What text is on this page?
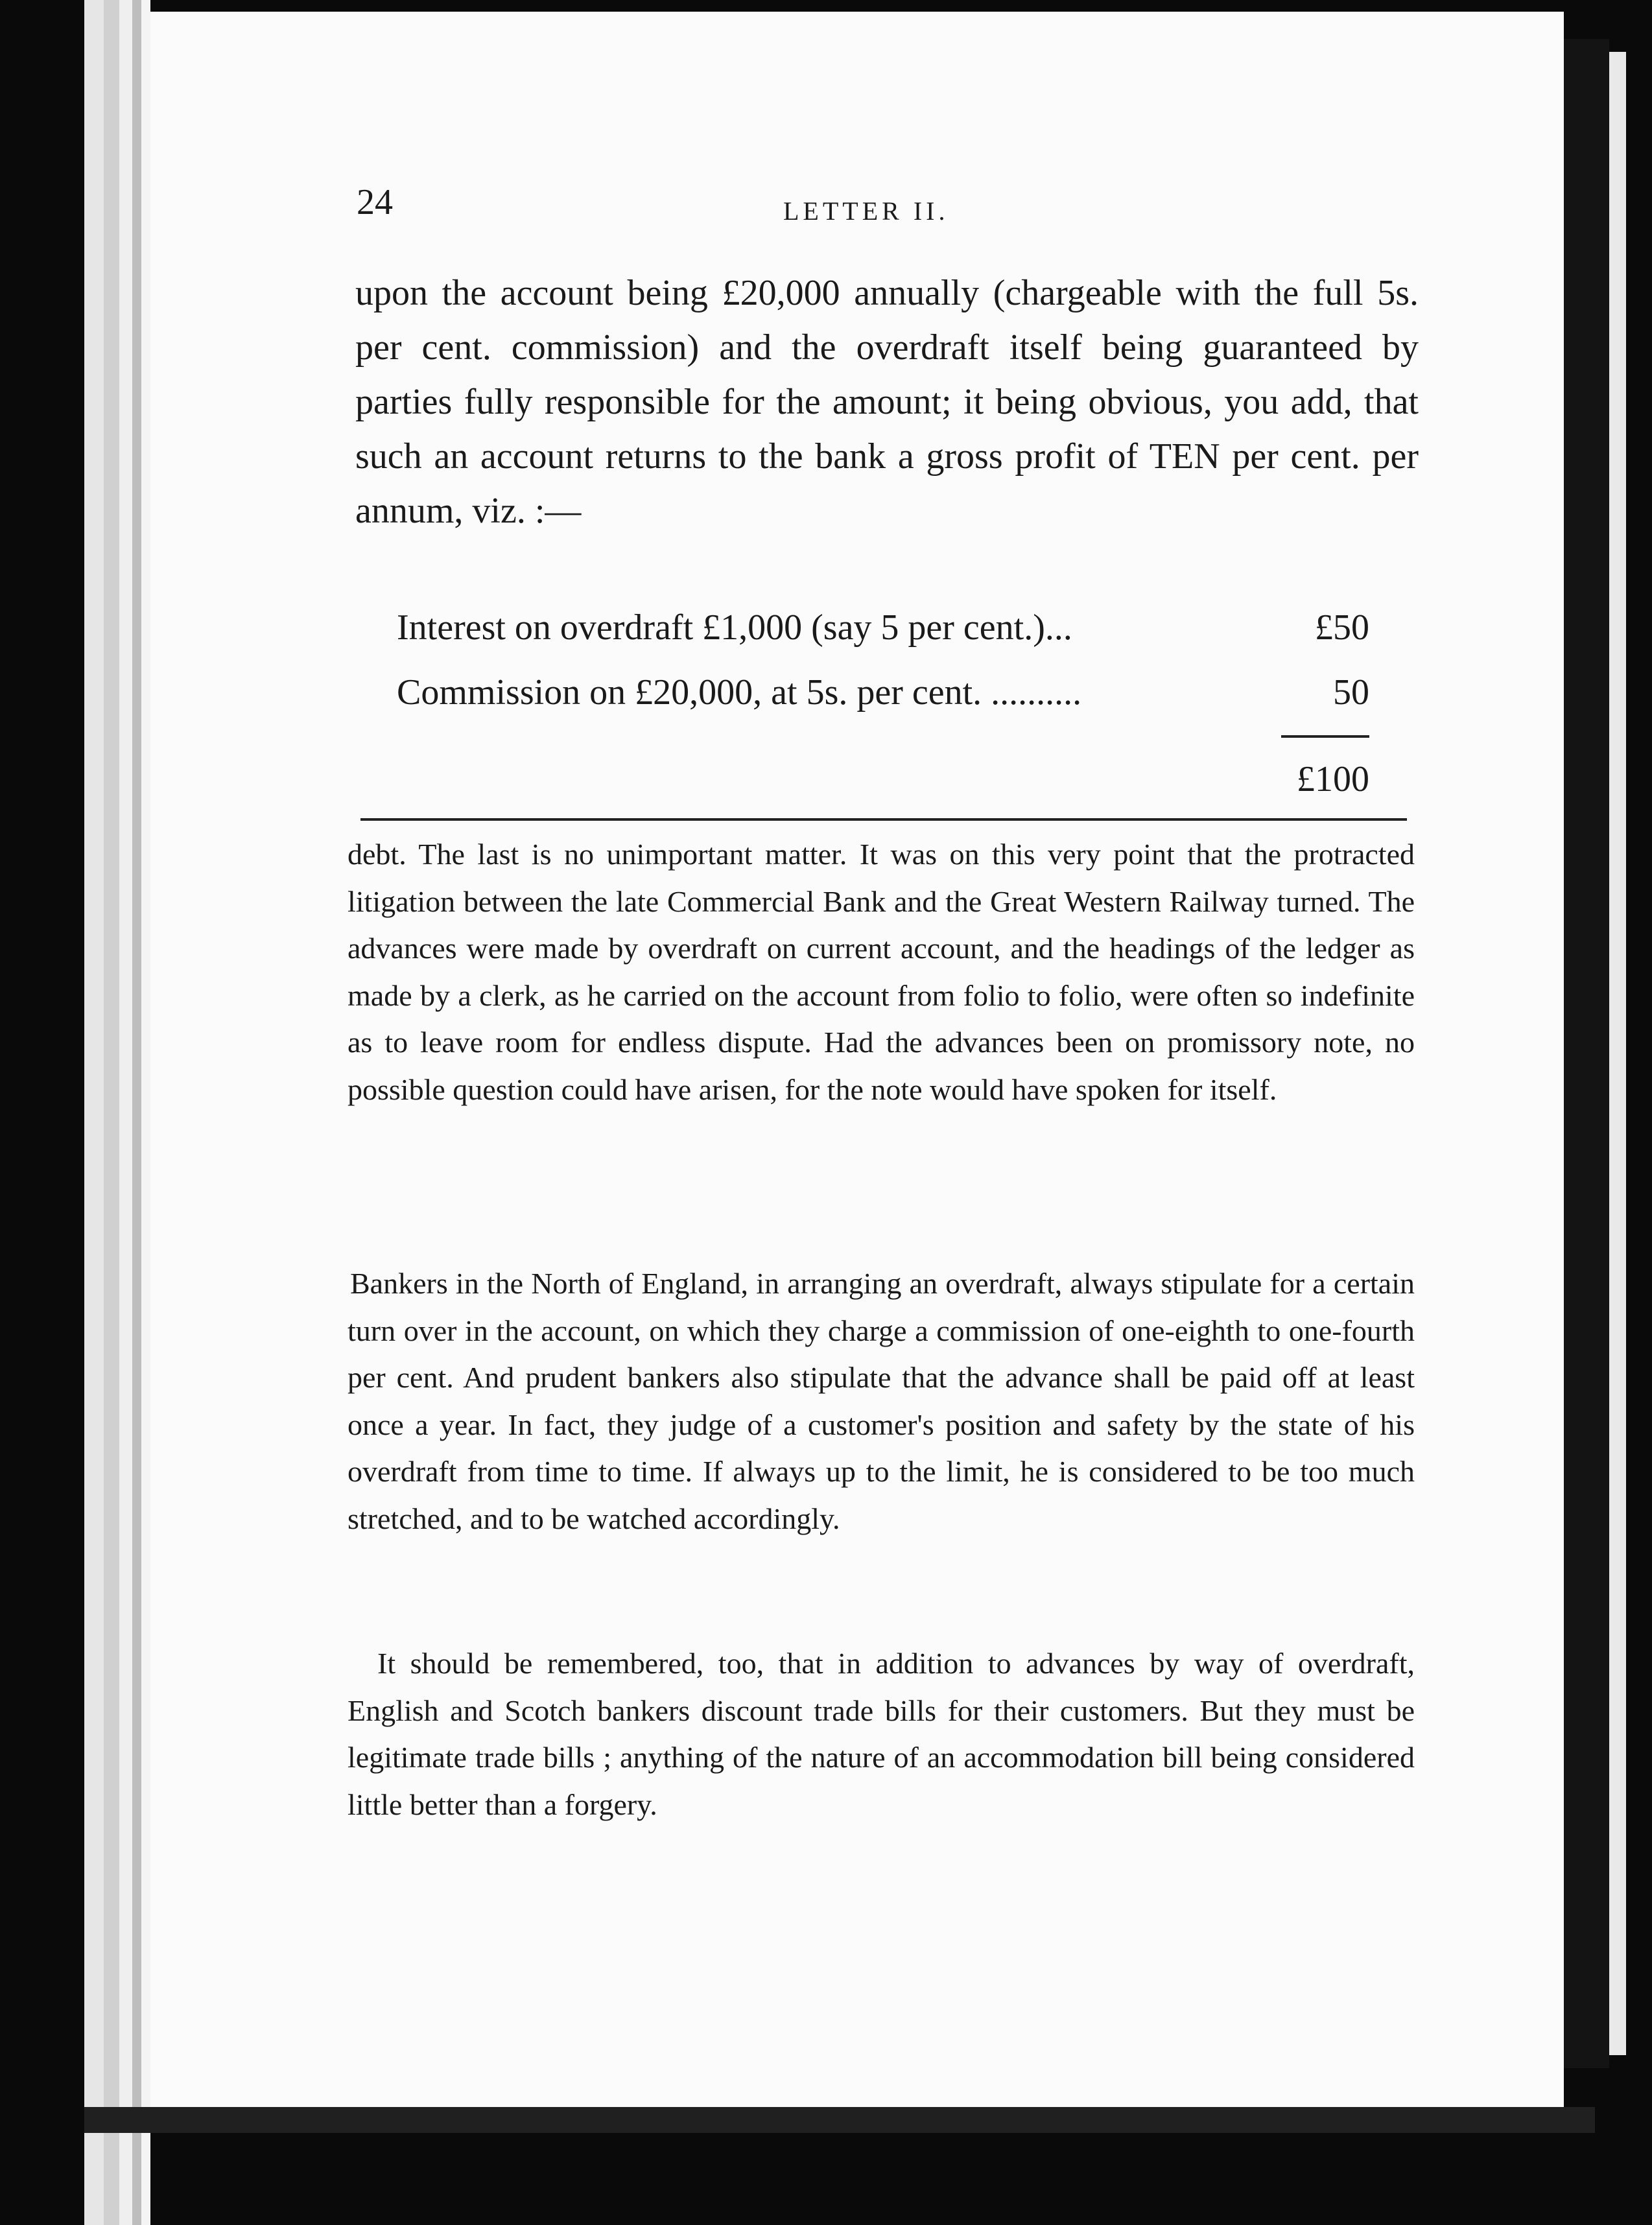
24	LETTER II.

upon the account being £20,000 annually (chargeable with the full 5s. per cent. commission) and the overdraft itself being guaranteed by parties fully responsible for the amount; it being obvious, you add, that such an account returns to the bank a gross profit of TEN per cent. per annum, viz. :—

Interest on overdraft £1,000 (say 5 per cent.)...	£50
Commission on £20,000, at 5s. per cent. ..........	50
£100

debt. The last is no unimportant matter. It was on this very point that the protracted litigation between the late Commercial Bank and the Great Western Railway turned. The advances were made by overdraft on current account, and the headings of the ledger as made by a clerk, as he carried on the account from folio to folio, were often so indefinite as to leave room for endless dispute. Had the advances been on promissory note, no possible question could have arisen, for the note would have spoken for itself.

Bankers in the North of England, in arranging an overdraft, always stipulate for a certain turn over in the account, on which they charge a commission of one-eighth to one-fourth per cent. And prudent bankers also stipulate that the advance shall be paid off at least once a year. In fact, they judge of a customer's position and safety by the state of his overdraft from time to time. If always up to the limit, he is considered to be too much stretched, and to be watched accordingly.

It should be remembered, too, that in addition to advances by way of overdraft, English and Scotch bankers discount trade bills for their customers. But they must be legitimate trade bills ; anything of the nature of an accommodation bill being considered little better than a forgery.
